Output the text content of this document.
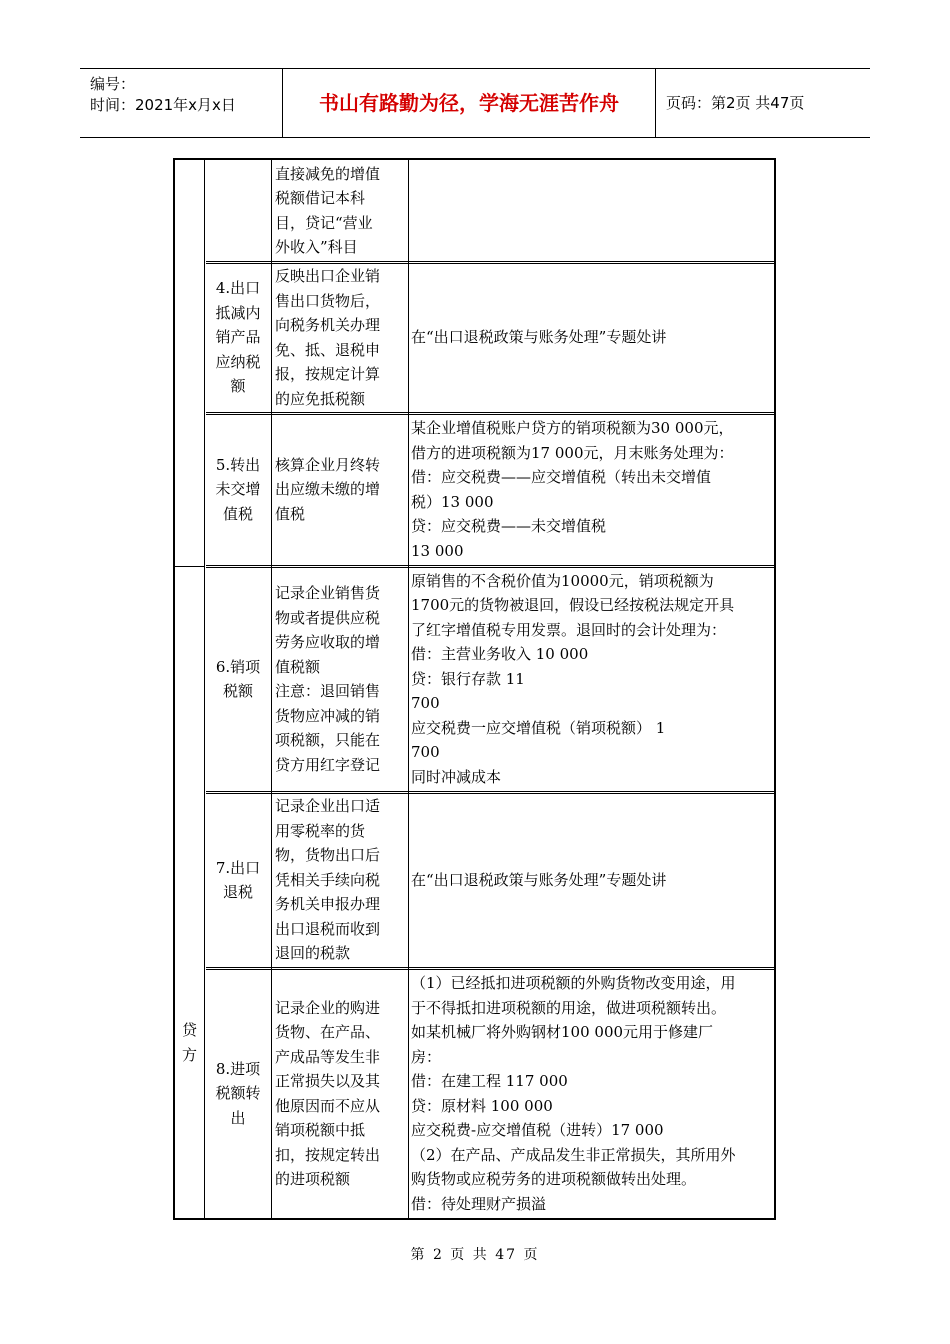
编号：
时间：2021年x月x日	书山有路勤为径，学海无涯苦作舟	页码：第2页 共47页

贷

方

直接减免的增值

税额借记本科

目，贷记“营业

外收入”科目

4.出口

抵减内

销产品

应纳税

额

反映出口企业销

售出口货物后，

向税务机关办理

免、抵、退税申

报，按规定计算

的应免抵税额

在“出口退税政策与账务处理”专题处讲

5.转出

未交增

值税

核算企业月终转

出应缴未缴的增

值税

某企业增值税账户贷方的销项税额为30 000元，

借方的进项税额为17 000元，月末账务处理为：

借：应交税费——应交增值税（转出未交增值

税）13 000

贷：应交税费——未交增值税

13 000

6.销项

税额

记录企业销售货

物或者提供应税

劳务应收取的增

值税额

注意：退回销售

货物应冲减的销

项税额，只能在

贷方用红字登记

原销售的不含税价值为10000元，销项税额为

1700元的货物被退回，假设已经按税法规定开具

了红字增值税专用发票。退回时的会计处理为：

借：主营业务收入 10 000

贷：银行存款 11

700

应交税费一应交增值税（销项税额） 1

700

同时冲减成本

7.出口

退税

记录企业出口适

用零税率的货

物，货物出口后

凭相关手续向税

务机关申报办理

出口退税而收到

退回的税款

在“出口退税政策与账务处理”专题处讲

8.进项

税额转

出

记录企业的购进

货物、在产品、

产成品等发生非

正常损失以及其

他原因而不应从

销项税额中抵

扣，按规定转出

的进项税额

（1）已经抵扣进项税额的外购货物改变用途，用

于不得抵扣进项税额的用途，做进项税额转出。

如某机械厂将外购钢材100 000元用于修建厂

房：

借：在建工程 117 000

贷：原材料 100 000

应交税费-应交增值税（进转）17 000

（2）在产品、产成品发生非正常损失，其所用外

购货物或应税劳务的进项税额做转出处理。

借：待处理财产损溢

第 2 页 共 47 页
